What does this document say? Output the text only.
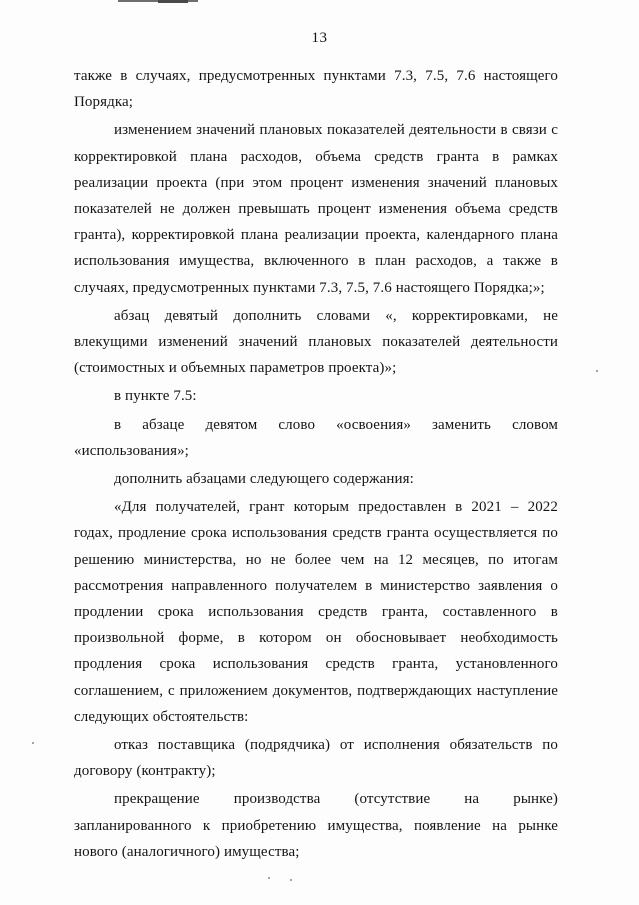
13

также в случаях, предусмотренных пунктами 7.3, 7.5, 7.6 настоящего Порядка;

изменением значений плановых показателей деятельности в связи с корректировкой плана расходов, объема средств гранта в рамках реализации проекта (при этом процент изменения значений плановых показателей не должен превышать процент изменения объема средств гранта), корректировкой плана реализации проекта, календарного плана использования имущества, включенного в план расходов, а также в случаях, предусмотренных пунктами 7.3, 7.5, 7.6 настоящего Порядка;»;

абзац девятый дополнить словами «, корректировками, не влекущими изменений значений плановых показателей деятельности (стоимостных и объемных параметров проекта)»;

в пункте 7.5:

в абзаце девятом слово «освоения» заменить словом «использования»;

дополнить абзацами следующего содержания:

«Для получателей, грант которым предоставлен в 2021 – 2022 годах, продление срока использования средств гранта осуществляется по решению министерства, но не более чем на 12 месяцев, по итогам рассмотрения направленного получателем в министерство заявления о продлении срока использования средств гранта, составленного в произвольной форме, в котором он обосновывает необходимость продления срока использования средств гранта, установленного соглашением, с приложением документов, подтверждающих наступление следующих обстоятельств:

отказ поставщика (подрядчика) от исполнения обязательств по договору (контракту);

прекращение производства (отсутствие на рынке) запланированного к приобретению имущества, появление на рынке нового (аналогичного) имущества;
